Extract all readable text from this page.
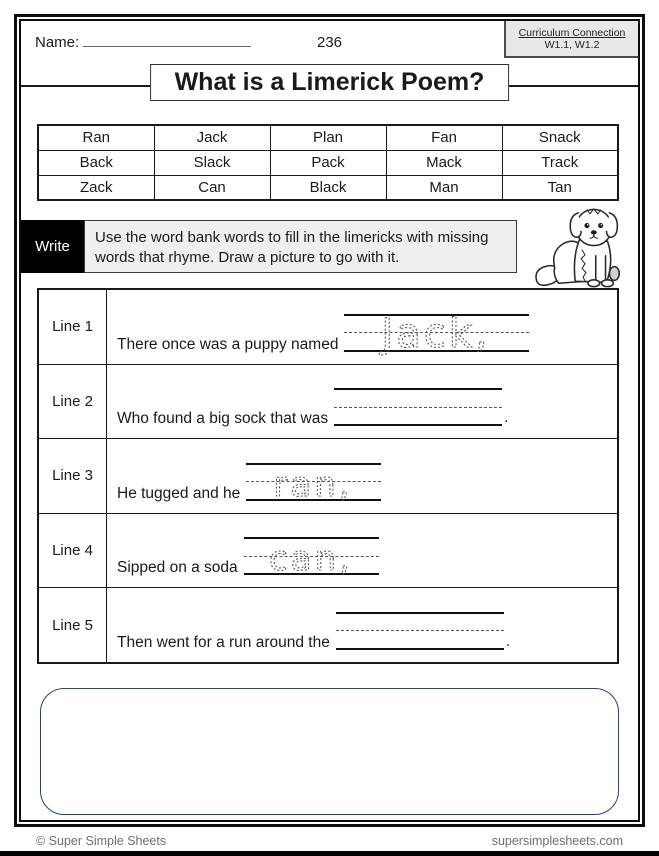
Name:	236
Curriculum Connection
W1.1, W1.2
What is a Limerick Poem?
Ran	Jack	Plan	Fan	Snack
Back	Slack	Pack	Mack	Track
Zack	Can	Black	Man	Tan
Write
Use the word bank words to fill in the limericks with missing words that rhyme. Draw a picture to go with it.
Line 1
There once was a puppy named Jack,
Line 2
Who found a big sock that was	.
Line 3
He tugged and he ran,
Line 4
Sipped on a soda can,
Line 5
Then went for a run around the	.
© Super Simple Sheets	supersimplesheets.com
